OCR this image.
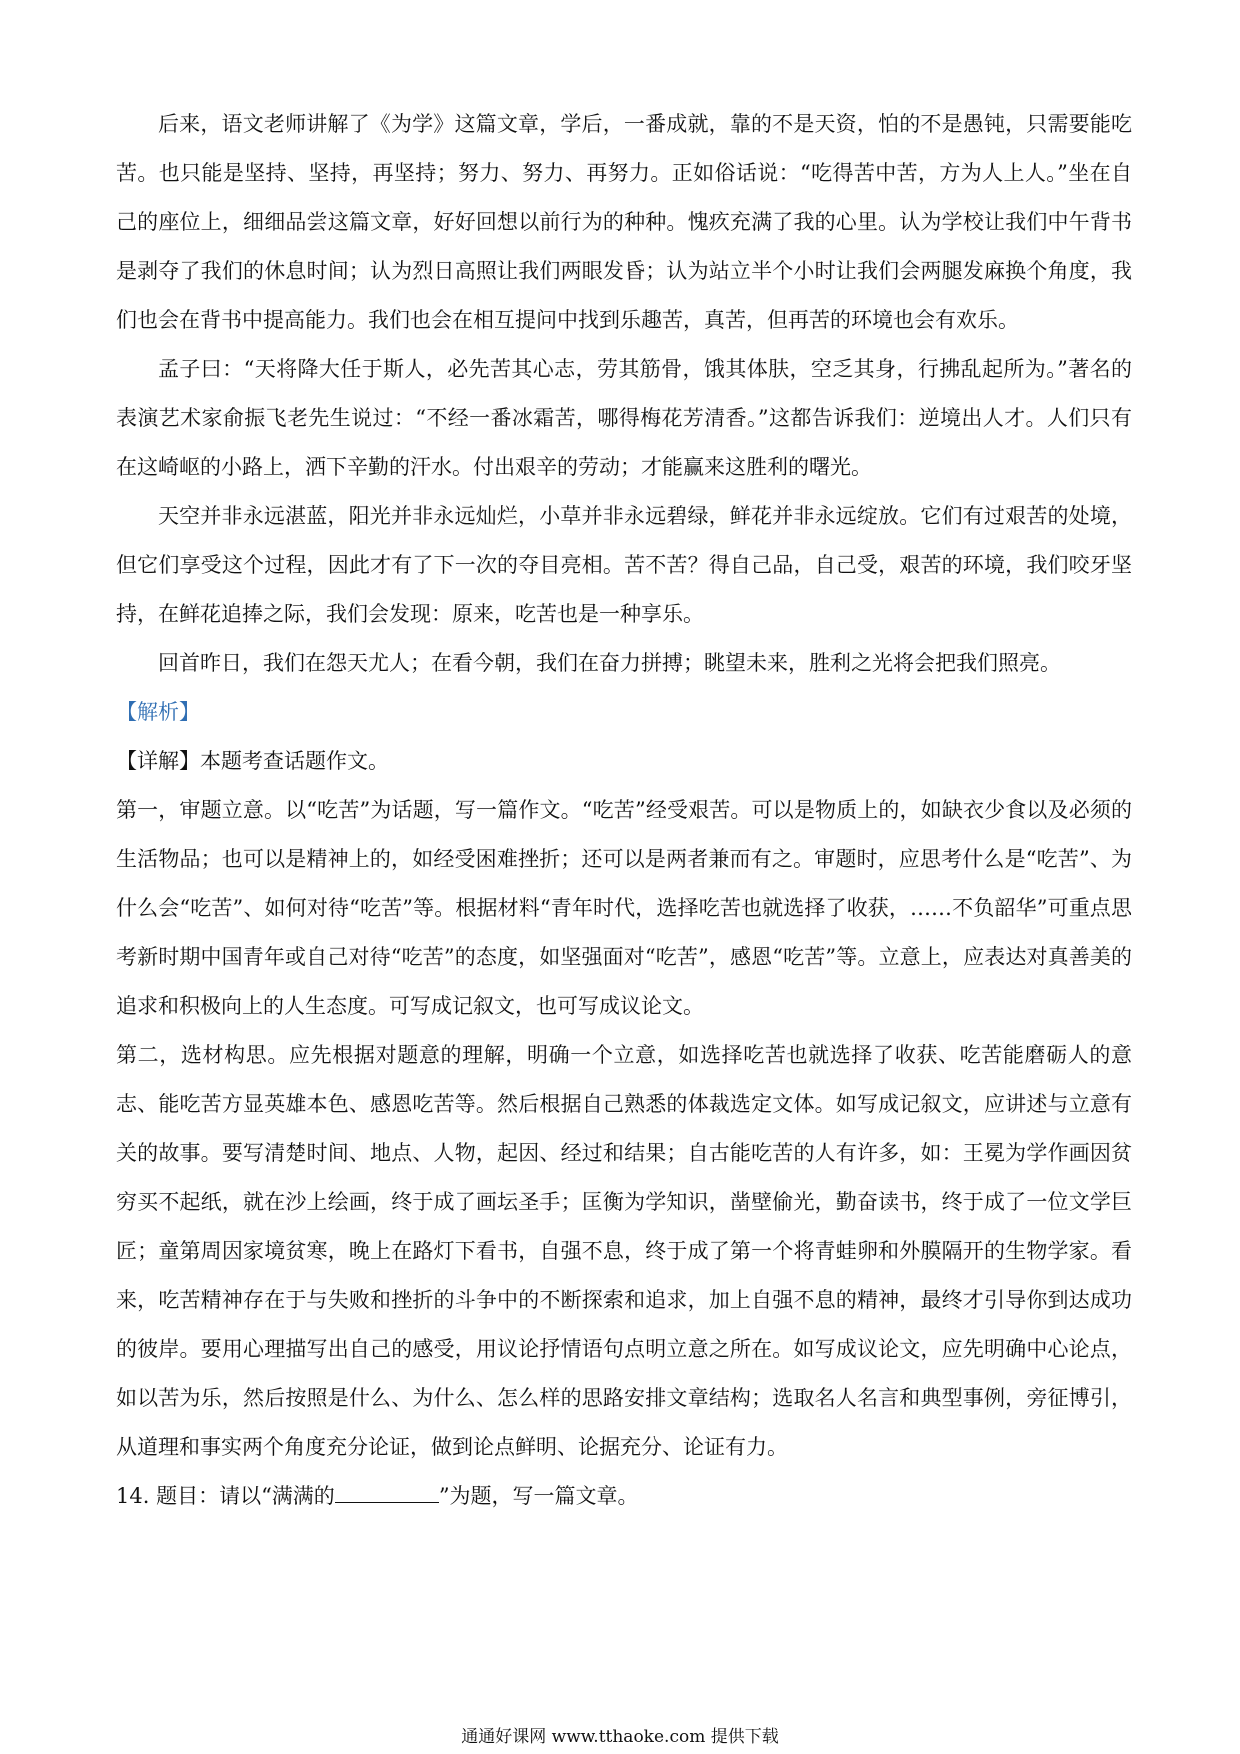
后来，语文老师讲解了《为学》这篇文章，学后，一番成就，靠的不是天资，怕的不是愚钝，只需要能吃苦。也只能是坚持、坚持，再坚持；努力、努力、再努力。正如俗话说：“吃得苦中苦，方为人上人。”坐在自己的座位上，细细品尝这篇文章，好好回想以前行为的种种。愧疚充满了我的心里。认为学校让我们中午背书是剥夺了我们的休息时间；认为烈日高照让我们两眼发昏；认为站立半个小时让我们会两腿发麻换个角度，我们也会在背书中提高能力。我们也会在相互提问中找到乐趣苦，真苦，但再苦的环境也会有欢乐。

孟子曰：“天将降大任于斯人，必先苦其心志，劳其筋骨，饿其体肤，空乏其身，行拂乱起所为。”著名的表演艺术家俞振飞老先生说过：“不经一番冰霜苦，哪得梅花芳清香。”这都告诉我们：逆境出人才。人们只有在这崎岖的小路上，洒下辛勤的汗水。付出艰辛的劳动；才能赢来这胜利的曙光。

天空并非永远湛蓝，阳光并非永远灿烂，小草并非永远碧绿，鲜花并非永远绽放。它们有过艰苦的处境，但它们享受这个过程，因此才有了下一次的夺目亮相。苦不苦？得自己品，自己受，艰苦的环境，我们咬牙坚持，在鲜花追捧之际，我们会发现：原来，吃苦也是一种享乐。

回首昨日，我们在怨天尤人；在看今朝，我们在奋力拼搏；眺望未来，胜利之光将会把我们照亮。

【解析】

【详解】本题考查话题作文。

第一，审题立意。以“吃苦”为话题，写一篇作文。“吃苦”经受艰苦。可以是物质上的，如缺衣少食以及必须的生活物品；也可以是精神上的，如经受困难挫折；还可以是两者兼而有之。审题时，应思考什么是“吃苦”、为什么会“吃苦”、如何对待“吃苦”等。根据材料“青年时代，选择吃苦也就选择了收获，……不负韶华”可重点思考新时期中国青年或自己对待“吃苦”的态度，如坚强面对“吃苦”，感恩“吃苦”等。立意上，应表达对真善美的追求和积极向上的人生态度。可写成记叙文，也可写成议论文。

第二，选材构思。应先根据对题意的理解，明确一个立意，如选择吃苦也就选择了收获、吃苦能磨砺人的意志、能吃苦方显英雄本色、感恩吃苦等。然后根据自己熟悉的体裁选定文体。如写成记叙文，应讲述与立意有关的故事。要写清楚时间、地点、人物，起因、经过和结果；自古能吃苦的人有许多，如：王冕为学作画因贫穷买不起纸，就在沙上绘画，终于成了画坛圣手；匡衡为学知识，凿壁偷光，勤奋读书，终于成了一位文学巨匠；童第周因家境贫寒，晚上在路灯下看书，自强不息，终于成了第一个将青蛙卵和外膜隔开的生物学家。看来，吃苦精神存在于与失败和挫折的斗争中的不断探索和追求，加上自强不息的精神，最终才引导你到达成功的彼岸。要用心理描写出自己的感受，用议论抒情语句点明立意之所在。如写成议论文，应先明确中心论点，如以苦为乐，然后按照是什么、为什么、怎么样的思路安排文章结构；选取名人名言和典型事例，旁征博引，从道理和事实两个角度充分论证，做到论点鲜明、论据充分、论证有力。

14. 题目：请以“满满的	”为题，写一篇文章。

通通好课网 www.tthaoke.com 提供下载
